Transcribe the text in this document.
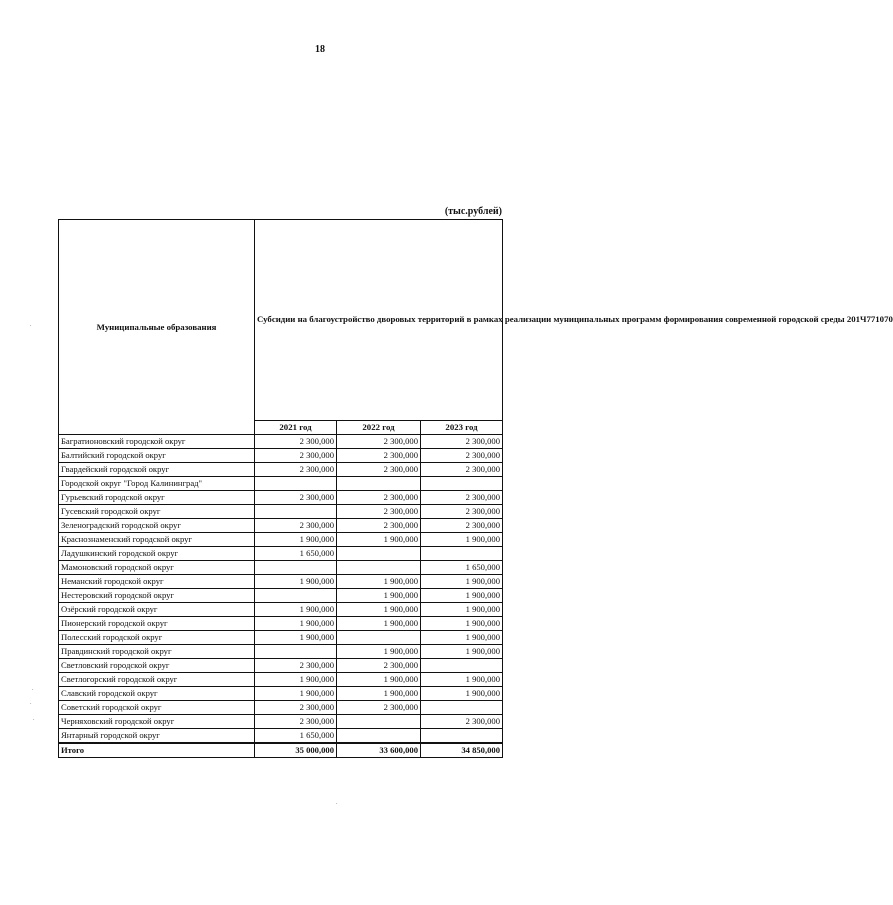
18
(тыс.рублей)
Муниципальные образования	Субсидии на благоустройство дворовых территорий в рамках реализации муниципальных программ формирования современной городской среды 201Ч771070		
	2021 год	2022 год	2023 год
Багратионовский городской округ	2 300,000	2 300,000	2 300,000
Балтийский городской округ	2 300,000	2 300,000	2 300,000
Гвардейский городской округ	2 300,000	2 300,000	2 300,000
Городской округ "Город Калининград"			
Гурьевский городской округ	2 300,000	2 300,000	2 300,000
Гусевский городской округ		2 300,000	2 300,000
Зеленоградский городской округ	2 300,000	2 300,000	2 300,000
Краснознаменский городской округ	1 900,000	1 900,000	1 900,000
Ладушкинский городской округ	1 650,000		
Мамоновский городской округ			1 650,000
Неманский городской округ	1 900,000	1 900,000	1 900,000
Нестеровский городской округ		1 900,000	1 900,000
Озёрский городской округ	1 900,000	1 900,000	1 900,000
Пионерский городской округ	1 900,000	1 900,000	1 900,000
Полесский городской округ	1 900,000		1 900,000
Правдинский городской округ		1 900,000	1 900,000
Светловский городской округ	2 300,000	2 300,000	
Светлогорский городской округ	1 900,000	1 900,000	1 900,000
Славский городской округ	1 900,000	1 900,000	1 900,000
Советский городской округ	2 300,000	2 300,000	
Черняховский городской округ	2 300,000		2 300,000
Янтарный городской округ	1 650,000		
Итого	35 000,000	33 600,000	34 850,000
.
.
.
.
.
